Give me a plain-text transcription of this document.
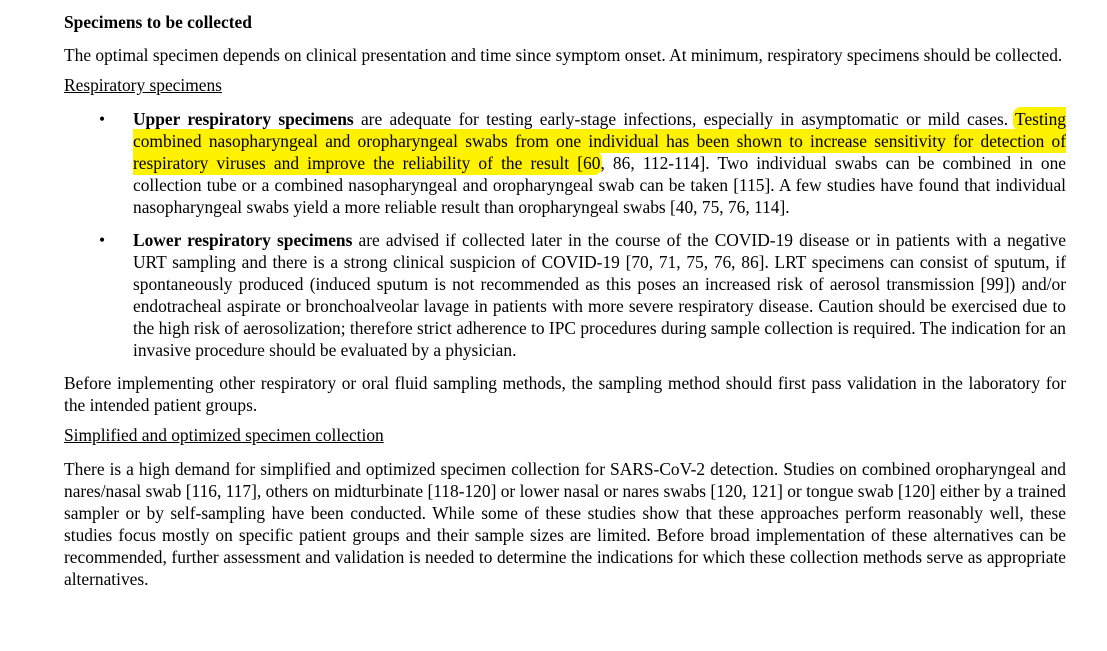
Specimens to be collected

The optimal specimen depends on clinical presentation and time since symptom onset. At minimum, respiratory specimens should be collected.

Respiratory specimens
• Upper respiratory specimens are adequate for testing early-stage infections, especially in asymptomatic or mild cases. Testing combined nasopharyngeal and oropharyngeal swabs from one individual has been shown to increase sensitivity for detection of respiratory viruses and improve the reliability of the result [60, 86, 112-114]. Two individual swabs can be combined in one collection tube or a combined nasopharyngeal and oropharyngeal swab can be taken [115]. A few studies have found that individual nasopharyngeal swabs yield a more reliable result than oropharyngeal swabs [40, 75, 76, 114].
• Lower respiratory specimens are advised if collected later in the course of the COVID-19 disease or in patients with a negative URT sampling and there is a strong clinical suspicion of COVID-19 [70, 71, 75, 76, 86]. LRT specimens can consist of sputum, if spontaneously produced (induced sputum is not recommended as this poses an increased risk of aerosol transmission [99]) and/or endotracheal aspirate or bronchoalveolar lavage in patients with more severe respiratory disease. Caution should be exercised due to the high risk of aerosolization; therefore strict adherence to IPC procedures during sample collection is required. The indication for an invasive procedure should be evaluated by a physician.

Before implementing other respiratory or oral fluid sampling methods, the sampling method should first pass validation in the laboratory for the intended patient groups.

Simplified and optimized specimen collection

There is a high demand for simplified and optimized specimen collection for SARS-CoV-2 detection. Studies on combined oropharyngeal and nares/nasal swab [116, 117], others on midturbinate [118-120] or lower nasal or nares swabs [120, 121] or tongue swab [120] either by a trained sampler or by self-sampling have been conducted. While some of these studies show that these approaches perform reasonably well, these studies focus mostly on specific patient groups and their sample sizes are limited. Before broad implementation of these alternatives can be recommended, further assessment and validation is needed to determine the indications for which these collection methods serve as appropriate alternatives.
